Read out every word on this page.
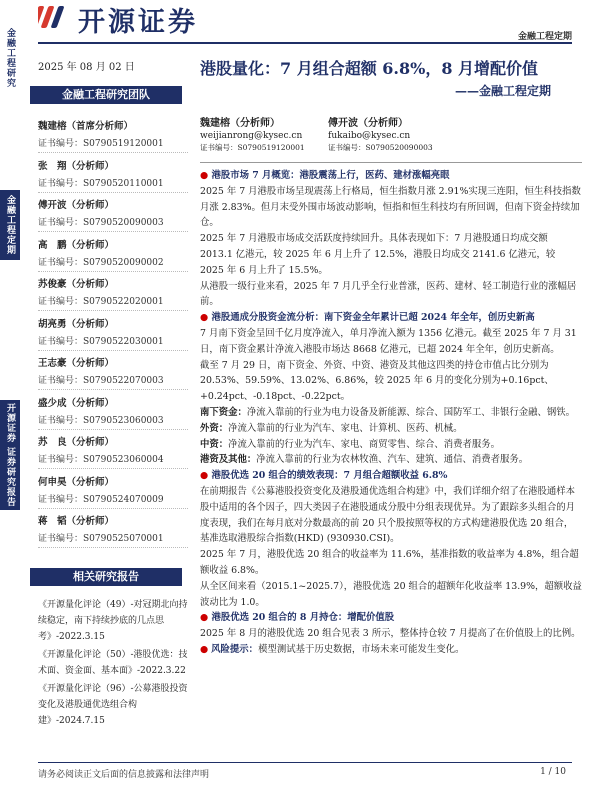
开源证券	金融工程定期
金融工程研究
金融工程定期
开源证券 证券研究报告
2025 年 08 月 02 日
金融工程研究团队
魏建榕（首席分析师）
证书编号：S0790519120001
张　翔（分析师）
证书编号：S0790520110001
傅开波（分析师）
证书编号：S0790520090003
高　鹏（分析师）
证书编号：S0790520090002
苏俊豪（分析师）
证书编号：S0790522020001
胡亮勇（分析师）
证书编号：S0790522030001
王志豪（分析师）
证书编号：S0790522070003
盛少成（分析师）
证书编号：S0790523060003
苏　良（分析师）
证书编号：S0790523060004
何申昊（分析师）
证书编号：S0790524070009
蒋　韬（分析师）
证书编号：S0790525070001
相关研究报告
《开源量化评论（49）-对冠期北向持续稳定，南下持续抄底的几点思考》-2022.3.15
《开源量化评论（50）-港股优选：技术面、资金面、基本面》-2022.3.22
《开源量化评论（96）-公募港股投资变化及港股通优选组合构建》-2024.7.15
港股量化：7 月组合超额 6.8%，8 月增配价值
——金融工程定期
魏建榕（分析师）
weijianrong@kysec.cn
证书编号：S0790519120001
傅开波（分析师）
fukaibo@kysec.cn
证书编号：S0790520090003

● 港股市场 7 月概览：港股震荡上行，医药、建材涨幅亮眼

2025 年 7 月港股市场呈现震荡上行格局，恒生指数月涨 2.91%实现三连阳，恒生科技指数月涨 2.83%。但月末受外围市场波动影响，恒指和恒生科技均有所回调，但南下资金持续加仓。

2025 年 7 月港股市场成交活跃度持续回升。具体表现如下：7 月港股通日均成交额 2013.1 亿港元，较 2025 年 6 月上升了 12.5%，港股日均成交 2141.6 亿港元，较 2025 年 6 月上升了 15.5%。

从港股一级行业来看，2025 年 7 月几乎全行业普涨，医药、建材、轻工制造行业的涨幅居前。

● 港股通成分股资金流分析：南下资金全年累计已超 2024 年全年，创历史新高

7 月南下资金呈回千亿月度净流入，单月净流入额为 1356 亿港元。截至 2025 年 7 月 31 日，南下资金累计净流入港股市场达 8668 亿港元，已超 2024 年全年，创历史新高。

截至 7 月 29 日，南下资金、外资、中资、港资及其他这四类的持仓市值占比分别为 20.53%、59.59%、13.02%、6.86%，较 2025 年 6 月的变化分别为+0.16pct、+0.24pct、-0.18pct、-0.22pct。

南下资金：净流入靠前的行业为电力设备及新能源、综合、国防军工、非银行金融、钢铁。

外资：净流入靠前的行业为汽车、家电、计算机、医药、机械。

中资：净流入靠前的行业为汽车、家电、商贸零售、综合、消费者服务。

港资及其他：净流入靠前的行业为农林牧渔、汽车、建筑、通信、消费者服务。

● 港股优选 20 组合的绩效表现：7 月组合超额收益 6.8%

在前期报告《公募港股投资变化及港股通优选组合构建》中，我们详细介绍了在港股通样本股中适用的各个因子，四大类因子在港股通成分股中分组表现优异。为了跟踪多头组合的月度表现，我们在每月底对分数最高的前 20 只个股按照等权的方式构建港股优选 20 组合，基准选取港股综合指数(HKD) (930930.CSI)。

2025 年 7 月，港股优选 20 组合的收益率为 11.6%，基准指数的收益率为 4.8%，组合超额收益 6.8%。

从全区间来看（2015.1~2025.7），港股优选 20 组合的超额年化收益率 13.9%，超额收益波动比为 1.0。

● 港股优选 20 组合的 8 月持仓：增配价值股

2025 年 8 月的港股优选 20 组合见表 3 所示，整体持仓较 7 月提高了在价值股上的比例。

● 风险提示：模型测试基于历史数据，市场未来可能发生变化。

请务必阅读正文后面的信息披露和法律声明	1 / 10
